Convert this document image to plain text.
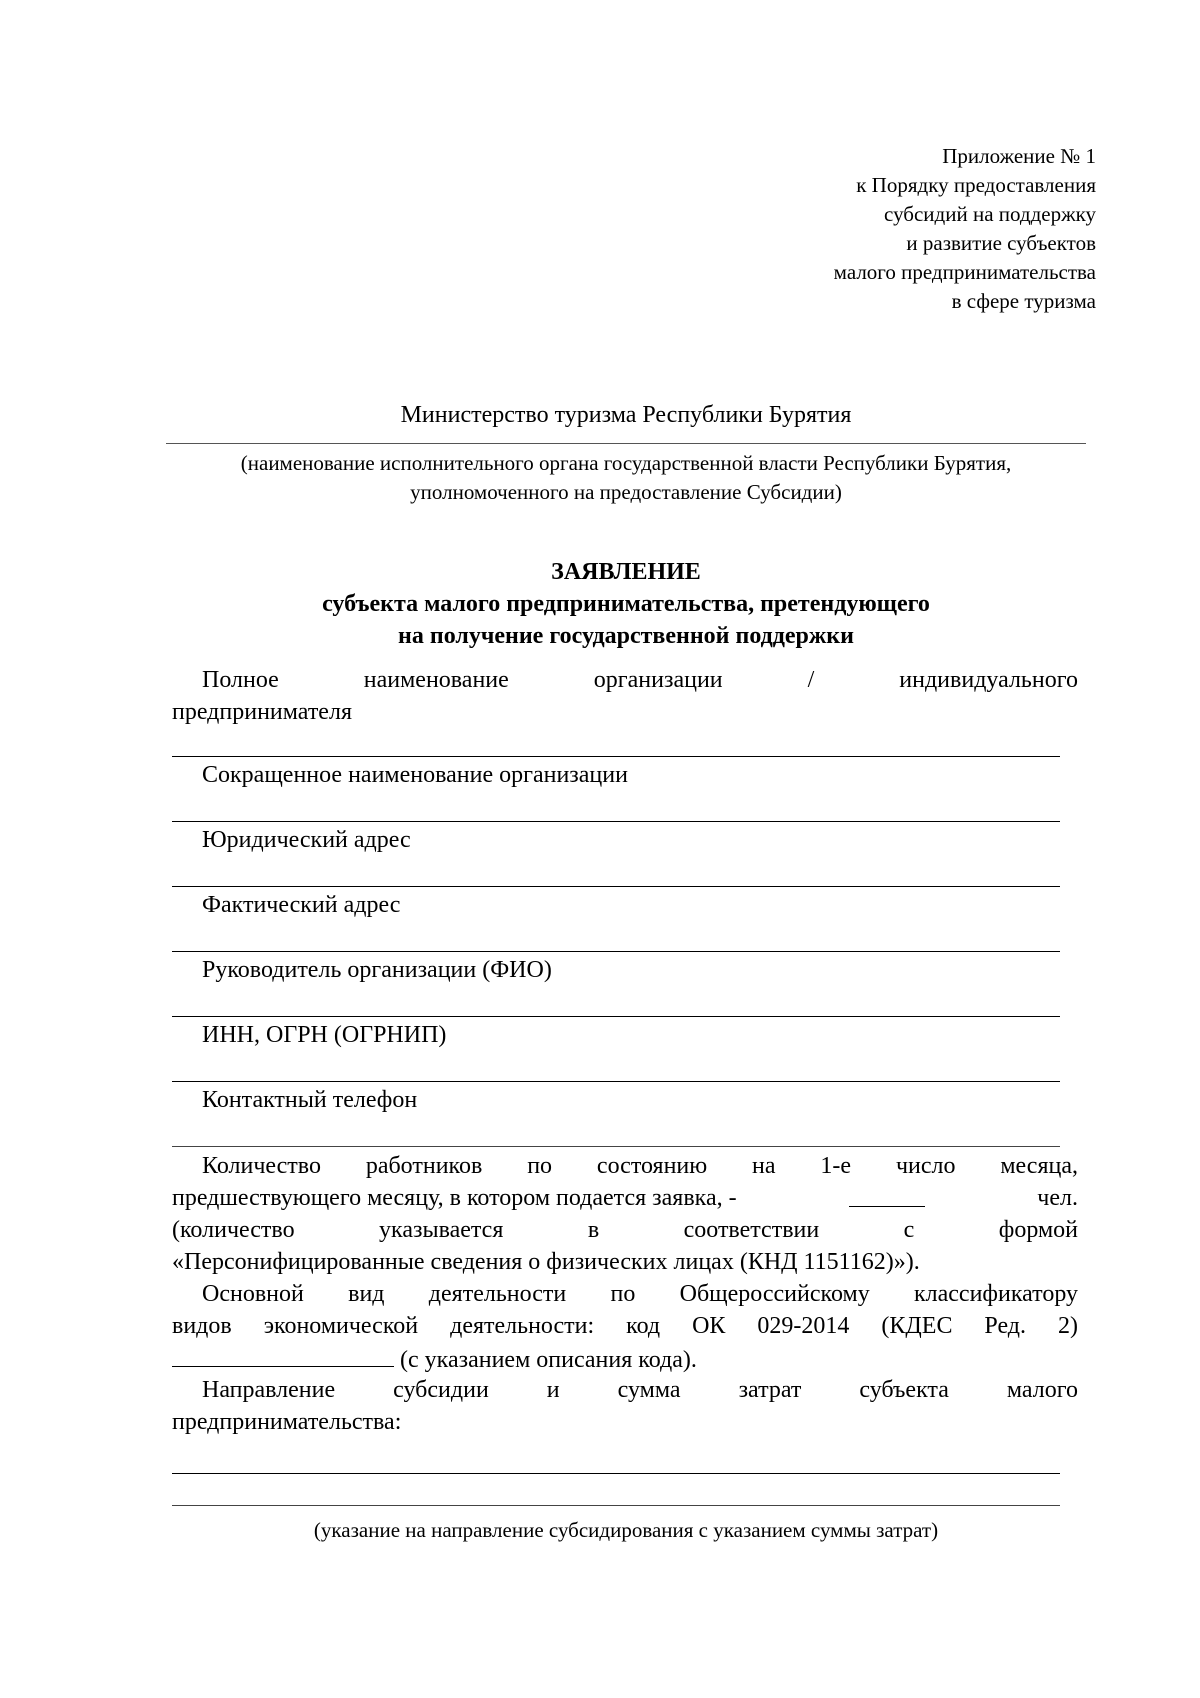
Приложение № 1
к Порядку предоставления
субсидий на поддержку
и развитие субъектов
малого предпринимательства
в сфере туризма
Министерство туризма Республики Бурятия
(наименование исполнительного органа государственной власти Республики Бурятия,
уполномоченного на предоставление Субсидии)
ЗАЯВЛЕНИЕ
субъекта малого предпринимательства, претендующего
на получение государственной поддержки
Полное	наименование	организации	/	индивидуального
предпринимателя
Сокращенное наименование организации
Юридический адрес
Фактический адрес
Руководитель организации (ФИО)
ИНН, ОГРН (ОГРНИП)
Контактный телефон
Количество работников по состоянию на 1-е число месяца,
предшествующего месяцу, в котором подается заявка, -	чел.
(количество указывается в соответствии с формой
«Персонифицированные сведения о физических лицах (КНД 1151162)»).
Основной вид деятельности по Общероссийскому классификатору
видов экономической деятельности: код ОК 029-2014 (КДЕС Ред. 2)
(с указанием описания кода).
Направление субсидии и сумма затрат субъекта малого
предпринимательства:
(указание на направление субсидирования с указанием суммы затрат)
